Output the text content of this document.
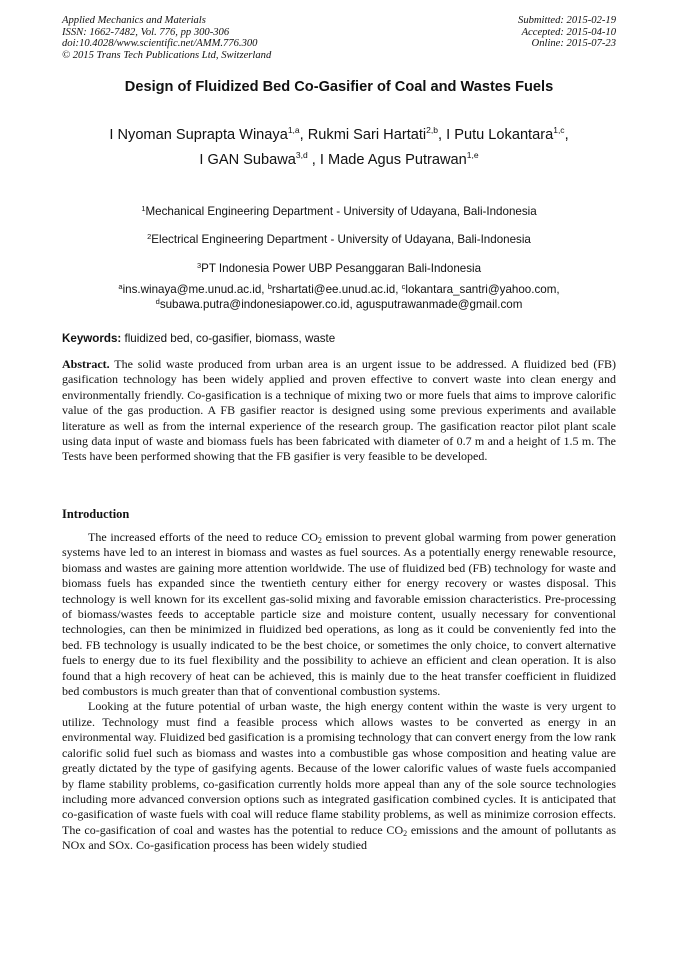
Applied Mechanics and Materials
ISSN: 1662-7482, Vol. 776, pp 300-306
doi:10.4028/www.scientific.net/AMM.776.300
© 2015 Trans Tech Publications Ltd, Switzerland
Submitted: 2015-02-19
Accepted: 2015-04-10
Online: 2015-07-23
Design of Fluidized Bed Co-Gasifier of Coal and Wastes Fuels
I Nyoman Suprapta Winaya$^{1,a}$, Rukmi Sari Hartati$^{2,b}$, I Putu Lokantara$^{1,c}$,
I GAN Subawa$^{3,d}$ , I Made Agus Putrawan$^{1,e}$
$^1$Mechanical Engineering Department - University of Udayana, Bali-Indonesia
$^2$Electrical Engineering Department - University of Udayana, Bali-Indonesia
$^3$PT Indonesia Power UBP Pesanggaran Bali-Indonesia
$^a$ins.winaya@me.unud.ac.id, $^b$rshartati@ee.unud.ac.id, $^c$lokantara_santri@yahoo.com,
$^d$subawa.putra@indonesiapower.co.id, agusputrawanmade@gmail.com
Keywords: fluidized bed, co-gasifier, biomass, waste
Abstract. The solid waste produced from urban area is an urgent issue to be addressed. A fluidized bed (FB) gasification technology has been widely applied and proven effective to convert waste into clean energy and environmentally friendly. Co-gasification is a technique of mixing two or more fuels that aims to improve calorific value of the gas production. A FB gasifier reactor is designed using some previous experiments and available literature as well as from the internal experience of the research group. The gasification reactor pilot plant scale using data input of waste and biomass fuels has been fabricated with diameter of 0.7 m and a height of 1.5 m. The Tests have been performed showing that the FB gasifier is very feasible to be developed.
Introduction

The increased efforts of the need to reduce $CO_2$ emission to prevent global warming from power generation systems have led to an interest in biomass and wastes as fuel sources. As a potentially energy renewable resource, biomass and wastes are gaining more attention worldwide. The use of fluidized bed (FB) technology for waste and biomass fuels has expanded since the twentieth century either for energy recovery or wastes disposal. This technology is well known for its excellent gas-solid mixing and favorable emission characteristics. Pre-processing of biomass/wastes feeds to acceptable particle size and moisture content, usually necessary for conventional technologies, can then be minimized in fluidized bed operations, as long as it could be conveniently fed into the bed. FB technology is usually indicated to be the best choice, or sometimes the only choice, to convert alternative fuels to energy due to its fuel flexibility and the possibility to achieve an efficient and clean operation. It is also found that a high recovery of heat can be achieved, this is mainly due to the heat transfer coefficient in fluidized bed combustors is much greater than that of conventional combustion systems.

Looking at the future potential of urban waste, the high energy content within the waste is very urgent to utilize. Technology must find a feasible process which allows wastes to be converted as energy in an environmental way. Fluidized bed gasification is a promising technology that can convert energy from the low rank calorific solid fuel such as biomass and wastes into a combustible gas whose composition and heating value are greatly dictated by the type of gasifying agents. Because of the lower calorific values of waste fuels accompanied by flame stability problems, co-gasification currently holds more appeal than any of the sole source technologies including more advanced conversion options such as integrated gasification combined cycles. It is anticipated that co-gasification of waste fuels with coal will reduce flame stability problems, as well as minimize corrosion effects. The co-gasification of coal and wastes has the potential to reduce $CO_2$ emissions and the amount of pollutants as NOx and SOx. Co-gasification process has been widely studied
